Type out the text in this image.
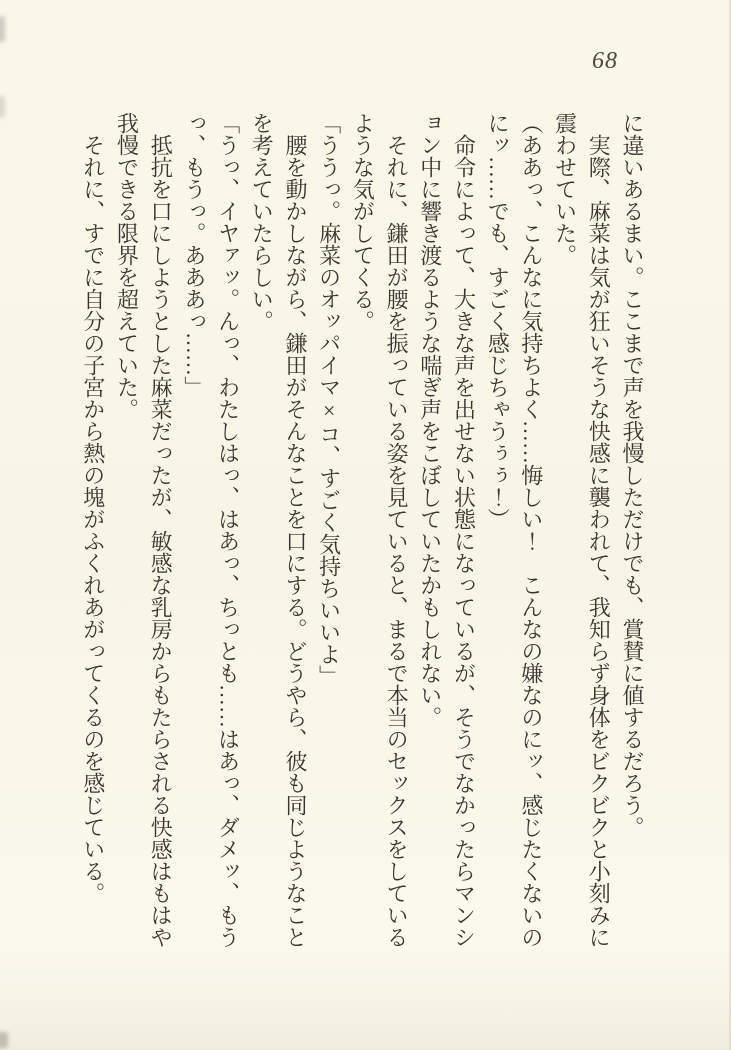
68

に違いあるまい。ここまで声を我慢しただけでも、賞賛に値するだろう。

実際、麻菜は気が狂いそうな快感に襲われて、我知らず身体をビクビクと小刻みに震わせていた。

（ああっ、こんなに気持ちよく……悔しい！　こんなの嫌なのにッ、感じたくないのにッ……でも、すごく感じちゃうぅぅ！）

命令によって、大きな声を出せない状態になっているが、そうでなかったらマンション中に響き渡るような喘ぎ声をこぼしていたかもしれない。

それに、鎌田が腰を振っている姿を見ていると、まるで本当のセックスをしているような気がしてくる。

「ううっ。麻菜のオッパイマ×コ、すごく気持ちいいよ」

腰を動かしながら、鎌田がそんなことを口にする。どうやら、彼も同じようなことを考えていたらしい。

「うっ、イヤァッ。んっ、わたしはっ、はあっ、ちっとも……はあっ、ダメッ、もうっ、もうっ。あああっ……」

抵抗を口にしようとした麻菜だったが、敏感な乳房からもたらされる快感はもはや我慢できる限界を超えていた。

それに、すでに自分の子宮から熱の塊がふくれあがってくるのを感じている。
